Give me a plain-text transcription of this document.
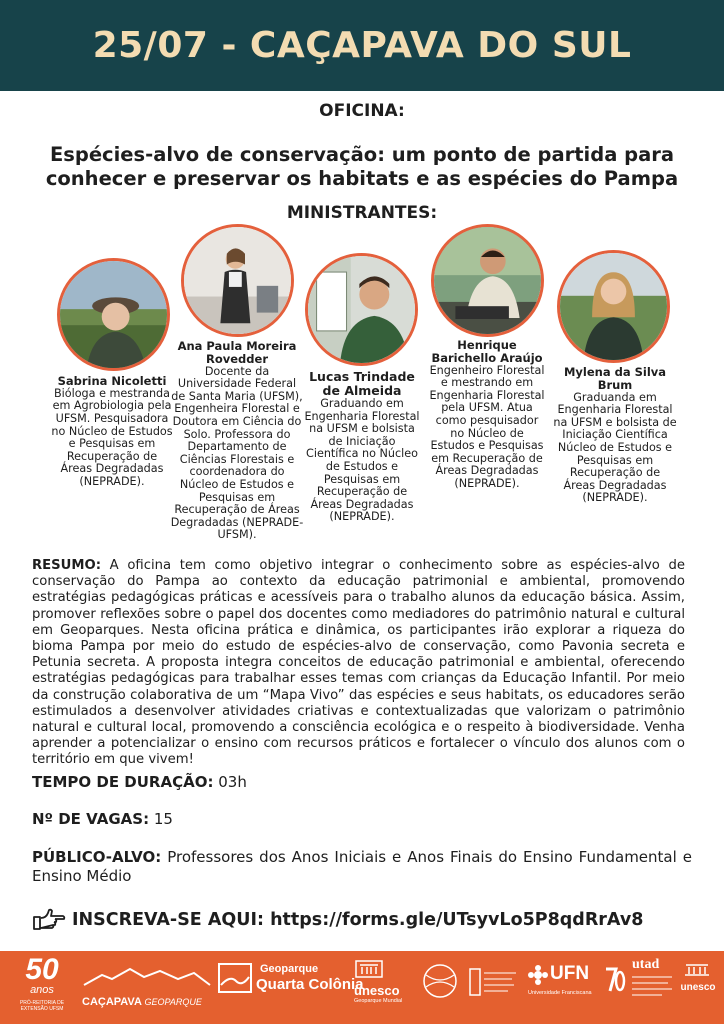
25/07 - CAÇAPAVA DO SUL
OFICINA:
Espécies-alvo de conservação: um ponto de partida para conhecer e preservar os habitats e as espécies do Pampa
MINISTRANTES:
Sabrina Nicoletti
Bióloga e mestranda em Agrobiologia pela UFSM. Pesquisadora no Núcleo de Estudos e Pesquisas em Recuperação de Áreas Degradadas (NEPRADE).
Ana Paula Moreira Rovedder
Docente da Universidade Federal de Santa Maria (UFSM), Engenheira Florestal e Doutora em Ciência do Solo. Professora do Departamento de Ciências Florestais e coordenadora do Núcleo de Estudos e Pesquisas em Recuperação de Áreas Degradadas (NEPRADE-UFSM).
Lucas Trindade de Almeida
Graduando em Engenharia Florestal na UFSM e bolsista de Iniciação Científica no Núcleo de Estudos e Pesquisas em Recuperação de Áreas Degradadas (NEPRADE).
Henrique Barichello Araújo
Engenheiro Florestal e mestrando em Engenharia Florestal pela UFSM. Atua como pesquisador no Núcleo de Estudos e Pesquisas em Recuperação de Áreas Degradadas (NEPRADE).
Mylena da Silva Brum
Graduanda em Engenharia Florestal na UFSM e bolsista de Iniciação Científica Núcleo de Estudos e Pesquisas em Recuperação de Áreas Degradadas (NEPRADE).
RESUMO: A oficina tem como objetivo integrar o conhecimento sobre as espécies-alvo de conservação do Pampa ao contexto da educação patrimonial e ambiental, promovendo estratégias pedagógicas práticas e acessíveis para o trabalho alunos da educação básica. Assim, promover reflexões sobre o papel dos docentes como mediadores do patrimônio natural e cultural em Geoparques. Nesta oficina prática e dinâmica, os participantes irão explorar a riqueza do bioma Pampa por meio do estudo de espécies-alvo de conservação, como Pavonia secreta e Petunia secreta. A proposta integra conceitos de educação patrimonial e ambiental, oferecendo estratégias pedagógicas para trabalhar esses temas com crianças da Educação Infantil. Por meio da construção colaborativa de um “Mapa Vivo” das espécies e seus habitats, os educadores serão estimulados a desenvolver atividades criativas e contextualizadas que valorizam o patrimônio natural e cultural local, promovendo a consciência ecológica e o respeito à biodiversidade. Venha aprender a potencializar o ensino com recursos práticos e fortalecer o vínculo dos alunos com o território em que vivem!
TEMPO DE DURAÇÃO: 03h
Nº DE VAGAS: 15
PÚBLICO-ALVO: Professores dos Anos Iniciais e Anos Finais do Ensino Fundamental e Ensino Médio
INSCREVA-SE AQUI:
https://forms.gle/UTsyvLo5P8qdRrAv8
50
anos
PRÓ-REITORIA DE EXTENSÃO UFSM
CAÇAPAVA GEOPARQUE
Geoparque
Quarta Colônia
unesco
Geoparque Mundial
UFN
Universidade Franciscana
utad
unesco
